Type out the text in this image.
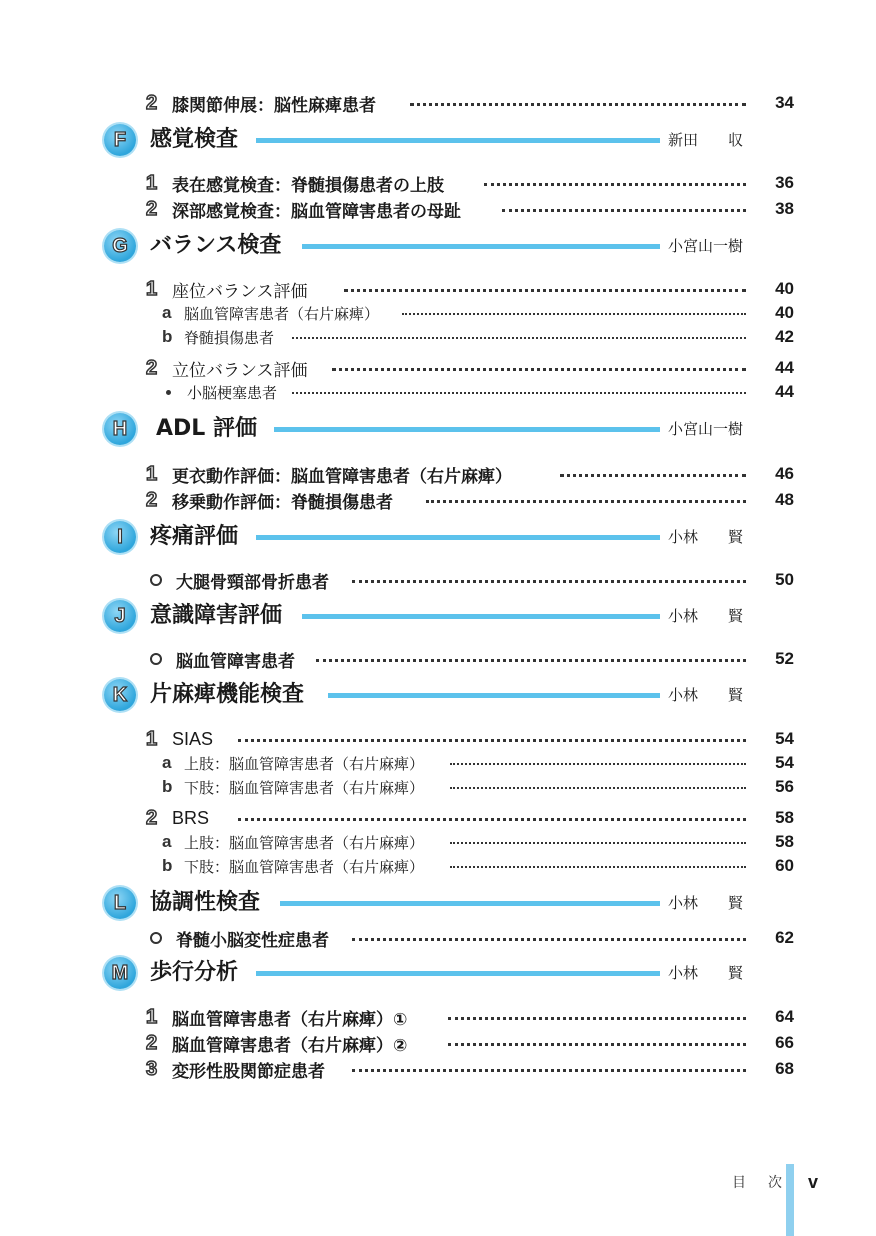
2 膝関節伸展：脳性麻痺患者	34
F 感覚検査	新田　　収
1 表在感覚検査：脊髄損傷患者の上肢	36
2 深部感覚検査：脳血管障害患者の母趾	38
G バランス検査	小宮山一樹
1 座位バランス評価	40
a 脳血管障害患者（右片麻痺）	40
b 脊髄損傷患者	42
2 立位バランス評価	44
小脳梗塞患者	44
H ADL 評価	小宮山一樹
1 更衣動作評価：脳血管障害患者（右片麻痺）	46
2 移乗動作評価：脊髄損傷患者	48
I 疼痛評価	小林　　賢
大腿骨頸部骨折患者	50
J 意識障害評価	小林　　賢
脳血管障害患者	52
K 片麻痺機能検査	小林　　賢
1 SIAS	54
a 上肢：脳血管障害患者（右片麻痺）	54
b 下肢：脳血管障害患者（右片麻痺）	56
2 BRS	58
a 上肢：脳血管障害患者（右片麻痺）	58
b 下肢：脳血管障害患者（右片麻痺）	60
L 協調性検査	小林　　賢
脊髄小脳変性症患者	62
M 歩行分析	小林　　賢
1 脳血管障害患者（右片麻痺）①	64
2 脳血管障害患者（右片麻痺）②	66
3 変形性股関節症患者	68
目　次 v
